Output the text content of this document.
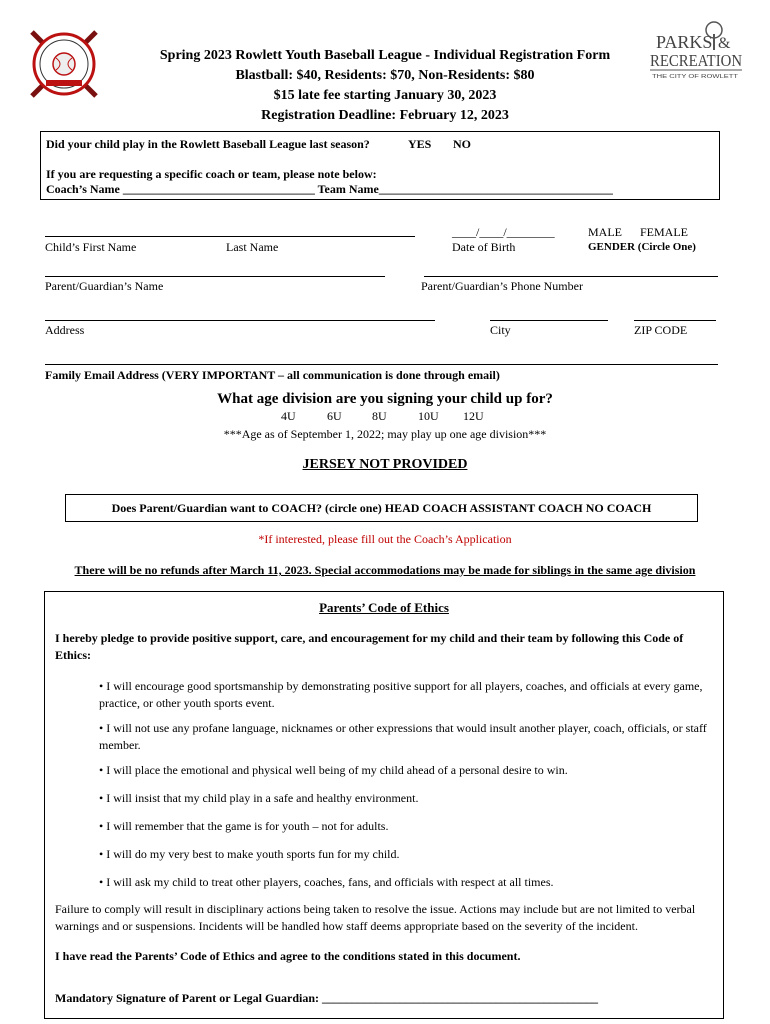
PARKS &
RECREATION
THE CITY OF ROWLETT
Spring 2023 Rowlett Youth Baseball League - Individual Registration Form
Blastball: $40, Residents: $70, Non-Residents: $80
$15 late fee starting January 30, 2023
Registration Deadline: February 12, 2023
Did your child play in the Rowlett Baseball League last season?	YES NO
If you are requesting a specific coach or team, please note below:
Coach’s Name ________________________________ Team Name_______________________________________
Child’s First Name	Last Name
____/____/________
Date of Birth
MALE FEMALE
GENDER (Circle One)
Parent/Guardian’s Name	Parent/Guardian’s Phone Number
Address	City	ZIP CODE
Family Email Address (VERY IMPORTANT – all communication is done through email)
What age division are you signing your child up for?
4U	6U	8U	10U 12U
***Age as of September 1, 2022; may play up one age division***
JERSEY NOT PROVIDED
Does Parent/Guardian want to COACH? (circle one) HEAD COACH ASSISTANT COACH NO COACH
*If interested, please fill out the Coach’s Application
There will be no refunds after March 11, 2023. Special accommodations may be made for siblings in the same age division
Parents’ Code of Ethics
I hereby pledge to provide positive support, care, and encouragement for my child and their team by following this Code of Ethics:
• I will encourage good sportsmanship by demonstrating positive support for all players, coaches, and officials at every game, practice, or other youth sports event.
• I will not use any profane language, nicknames or other expressions that would insult another player, coach, officials, or staff member.
• I will place the emotional and physical well being of my child ahead of a personal desire to win.
• I will insist that my child play in a safe and healthy environment.
• I will remember that the game is for youth – not for adults.
• I will do my very best to make youth sports fun for my child.
• I will ask my child to treat other players, coaches, fans, and officials with respect at all times.
Failure to comply will result in disciplinary actions being taken to resolve the issue. Actions may include but are not limited to verbal warnings and or suspensions. Incidents will be handled how staff deems appropriate based on the severity of the incident.
I have read the Parents’ Code of Ethics and agree to the conditions stated in this document.
Mandatory Signature of Parent or Legal Guardian: ______________________________________________
